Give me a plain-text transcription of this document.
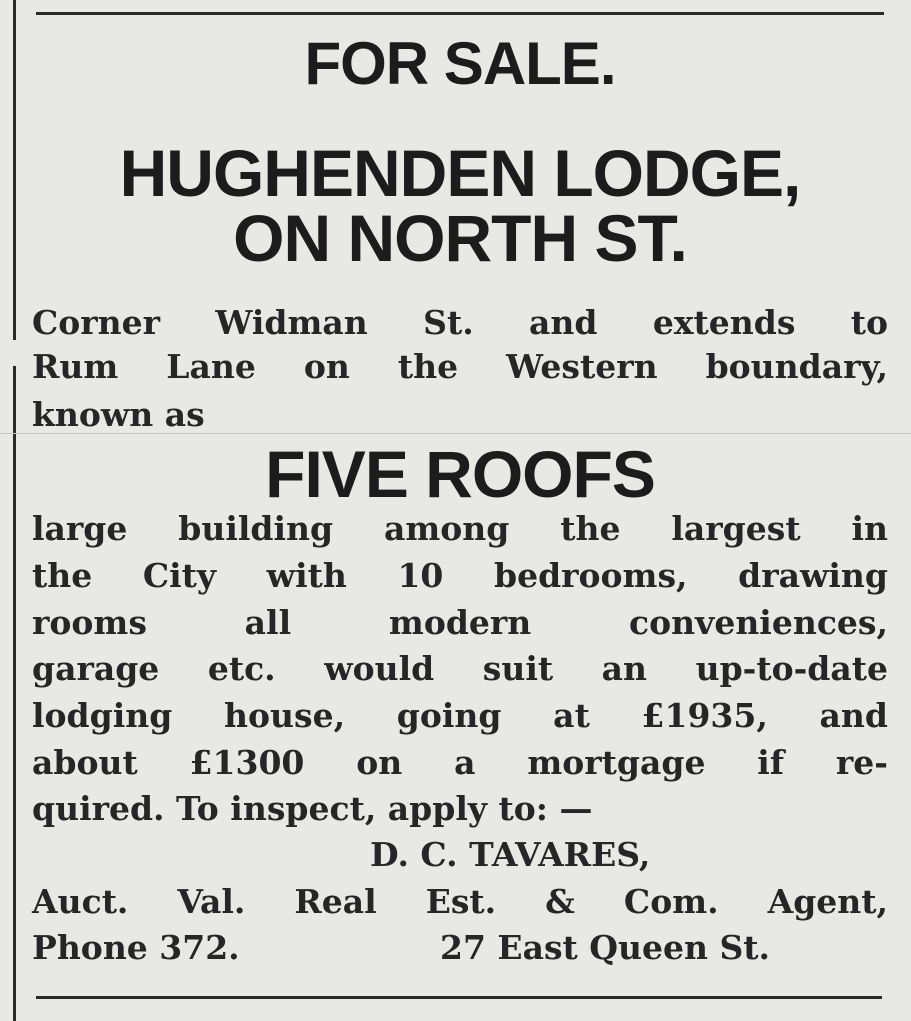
FOR SALE.
HUGHENDEN LODGE,
ON NORTH ST.
Corner Widman St. and extends to
Rum Lane on the Western boundary,
known as
FIVE ROOFS
large building among the largest in
the City with 10 bedrooms, drawing
rooms all modern conveniences,
garage etc. would suit an up-to-date
lodging house, going at £1935, and
about £1300 on a mortgage if re-
quired. To inspect, apply to: —
D. C. TAVARES,
Auct. Val. Real Est. & Com. Agent,
Phone 372.	27 East Queen St.
